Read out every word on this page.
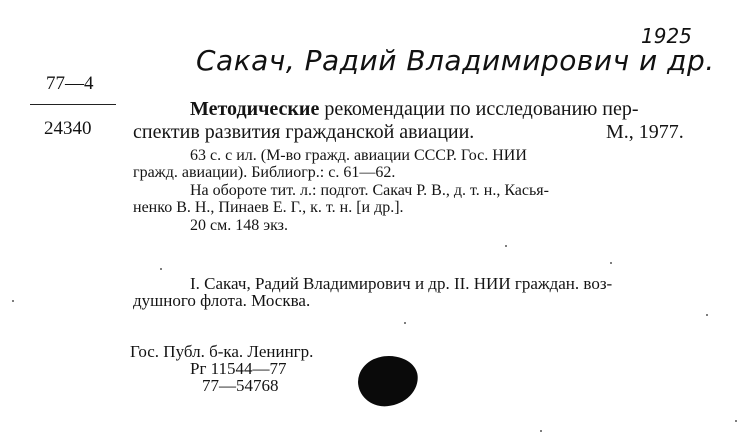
Сакач, Радий Владимирович и др.
1925
77—4
24340
Методические рекомендации по исследованию пер-
спектив развития гражданской авиации.	М., 1977.
63 с. с ил. (М-во гражд. авиации СССР. Гос. НИИ
гражд. авиации). Библиогр.: с. 61—62.
На обороте тит. л.: подгот. Сакач Р. В., д. т. н., Касья-
ненко В. Н., Пинаев Е. Г., к. т. н. [и др.].
20 см. 148 экз.
I. Сакач, Радий Владимирович и др. II. НИИ граждан. воз-
душного флота. Москва.
Гос. Публ. б-ка. Ленингр.
Рг 11544—77
77—54768
